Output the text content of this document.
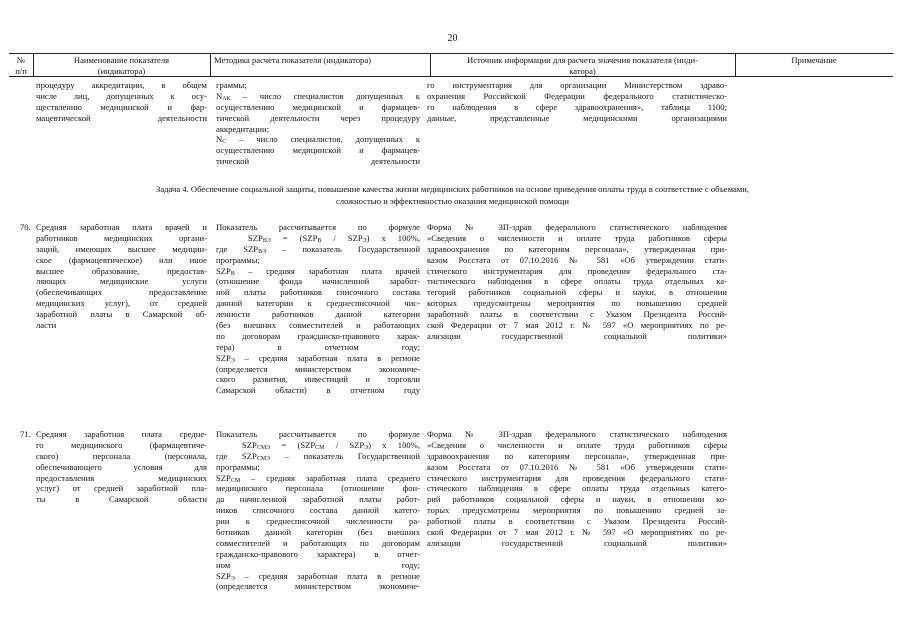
20
№
п/п
Наименование показателя
(индикатора)
Методика расчета показателя (индикатора)	Источник информации для расчета значения показателя (инди-
катора)
Примечание
процедуру аккредитации, в общем
числе лиц, допущенных к осу-
ществлению медицинской и фар-
мацевтической деятельности
граммы;
$N_{АК}$ – число специалистов допущенных к
осуществлению медицинской и фармацев-
тической деятельности через процедуру
аккредитации;
$N_С$ – число специалистов, допущенных к
осуществлению медицинской и фармацев-
тической деятельности
го инструментария для организации Министерством здраво-
охранения Российской Федерации федерального статистическо-
го наблюдения в сфере здравоохранения», таблица 1100;
данные, представленные медицинскими организациями
Задача 4. Обеспечение социальной защиты, повышение качества жизни медицинских работников на основе приведения оплаты труда в соответствие с объемами,
сложностью и эффективностью оказания медицинской помощи
70. Средняя заработная плата врачей и
работников медицинских органи-
заций, имеющих высшее медицин-
ское (фармацевтическое) или иное
высшее образование, предостав-
ляющих медицинские услуги
(обеспечивающих предоставление
медицинских услуг), от средней
заработной платы в Самарской об-
ласти
Показатель рассчитывается по формуле
$SZP_{ВЭ} = (SZP_В / SZP_Э)$ x 100%,
где $SZP_{ВЭ}$ – показатель Государственной
программы;
$SZP_В$ – средняя заработная плата врачей
(отношение фонда начисленной заработ-
ной платы работников списочного состава
данной категории к среднесписочной чис-
ленности работников данной категории
(без внешних совместителей и работающих
по договорам гражданско-правового харак-
тера) в отчетном году;
$SZP_Э$ – средняя заработная плата в регионе
(определяется министерством экономиче-
ского развития, инвестиций и торговли
Самарской области) в отчетном году
Форма № ЗП-здрав федерального статистического наблюдения
«Сведения о численности и оплате труда работников сферы
здравоохранения по категориям персонала», утвержденная при-
казом Росстата от 07.10.2016 № 581 «Об утверждении стати-
стического инструментария для проведения федерального ста-
тистического наблюдения в сфере оплаты труда отдельных ка-
тегорий работников социальной сферы и науки, в отношении
которых предусмотрены мероприятия по повышению средней
заработной платы в соответствии с Указом Президента Россий-
ской Федерации от 7 мая 2012 г. № 597 «О мероприятиях по ре-
ализации государственной социальной политики»
71. Средняя заработная плата средне-
го медицинского (фармацевтиче-
ского) персонала (персонала,
обеспечивающего условия для
предоставления медицинских
услуг) от средней заработной пла-
ты в Самарской области
Показатель рассчитывается по формуле
$SZP_{СМЭ} = (SZP_{СМ} / SZP_Э)$ x 100%,
где $SZP_{СМЭ}$ – показатель Государственной
программы;
$SZP_{СМ}$ – средняя заработная плата среднего
медицинского персонала (отношение фон-
да начисленной заработной платы работ-
ников списочного состава данной катего-
рии к среднесписочной численности ра-
ботников данной категории (без внешних
совместителей и работающих по договорам
гражданско-правового характера) в отчет-
ном году;
$SZP_Э$ – средняя заработная плата в регионе
(определяется министерством экономиче-
Форма № ЗП-здрав федерального статистического наблюдения
«Сведения о численности и оплате труда работников сферы
здравоохранения по категориям персонала», утвержденная при-
казом Росстата от 07.10.2016 № 581 «Об утверждении стати-
стического инструментария для проведения федерального стати-
стического наблюдения в сфере оплаты труда отдельных катего-
рий работников социальной сферы и науки, в отношении ко-
торых предусмотрены мероприятия по повышению средней за-
работной платы в соответствии с Указом Президента Россий-
ской Федерации от 7 мая 2012 г. № 597 «О мероприятиях по ре-
ализации государственной социальной политики»
